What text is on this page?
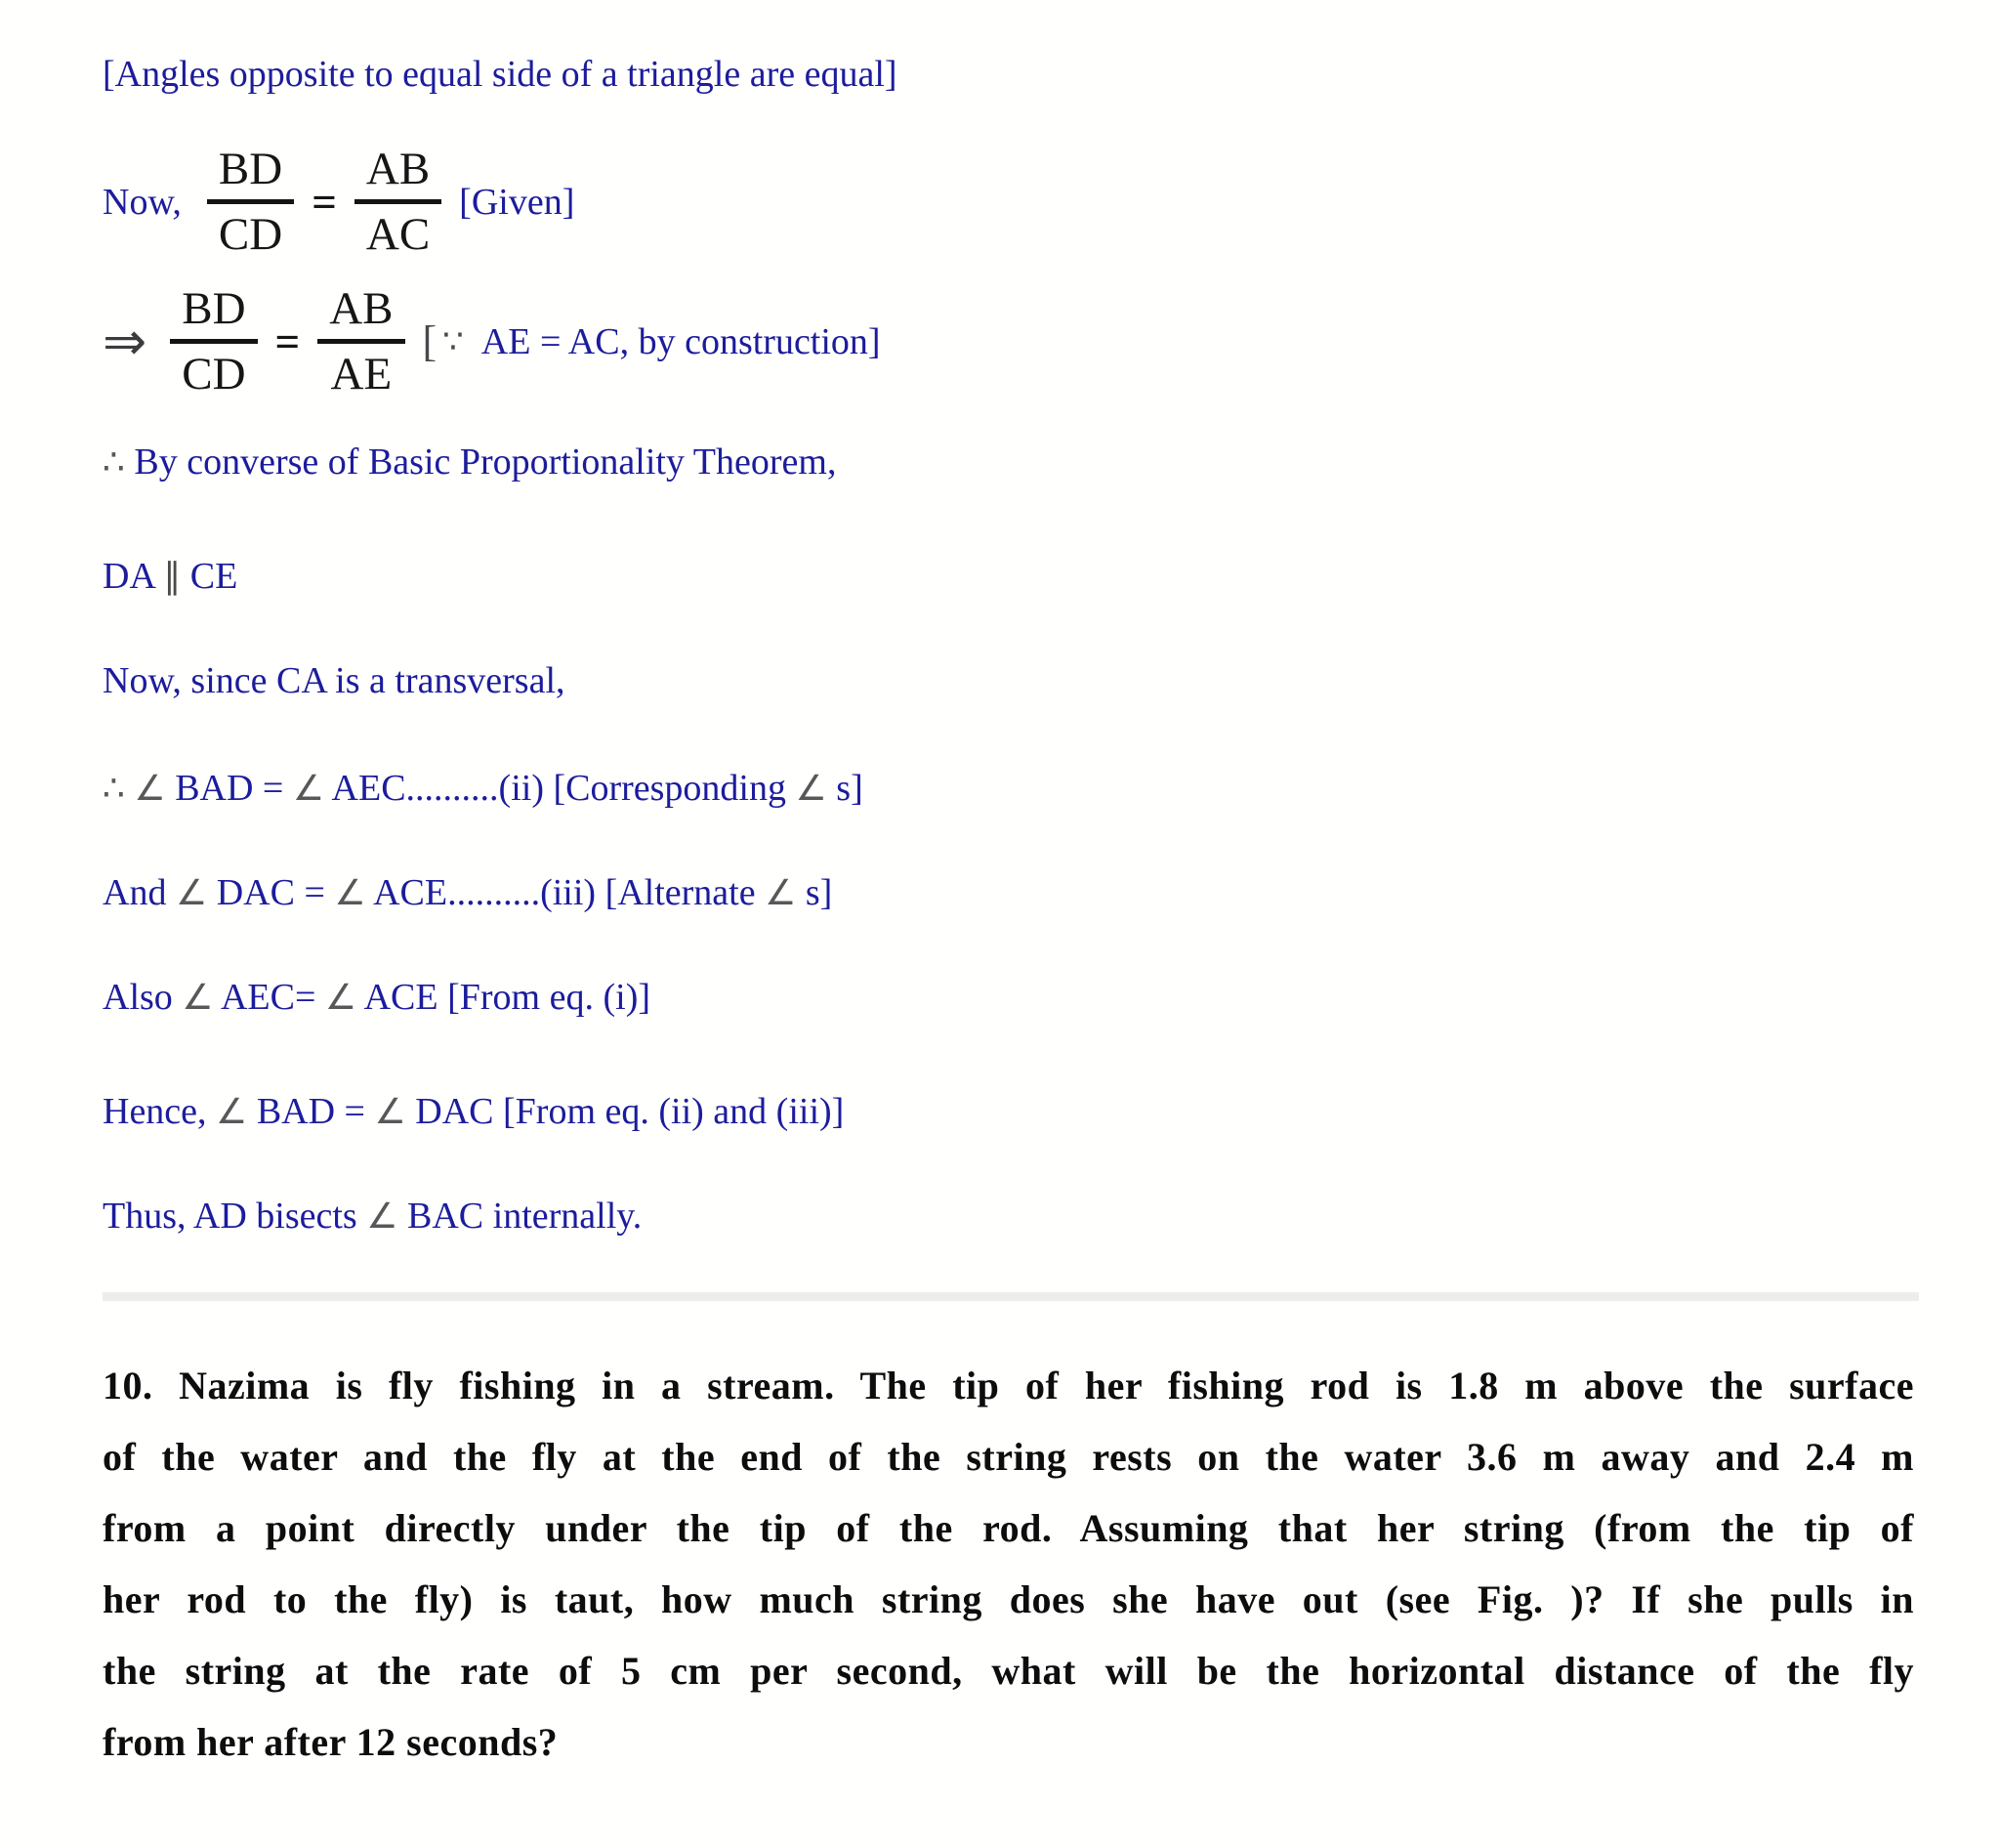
[Angles opposite to equal side of a triangle are equal]
Now, $\frac{BD}{CD} = \frac{AB}{AC}$ [Given]
⇒ $\frac{BD}{CD} = \frac{AB}{AE}$ [ ∵ AE = AC, by construction]
∴ By converse of Basic Proportionality Theorem,
DA ∥ CE
Now, since CA is a transversal,
∴ ∠ BAD = ∠ AEC..........(ii) [Corresponding ∠ s]
And ∠ DAC = ∠ ACE..........(iii) [Alternate ∠ s]
Also ∠ AEC= ∠ ACE [From eq. (i)]
Hence, ∠ BAD = ∠ DAC [From eq. (ii) and (iii)]
Thus, AD bisects ∠ BAC internally.
10. Nazima is fly fishing in a stream. The tip of her fishing rod is 1.8 m above the surface
of the water and the fly at the end of the string rests on the water 3.6 m away and 2.4 m
from a point directly under the tip of the rod. Assuming that her string (from the tip of
her rod to the fly) is taut, how much string does she have out (see Fig. )? If she pulls in
the string at the rate of 5 cm per second, what will be the horizontal distance of the fly
from her after 12 seconds?
